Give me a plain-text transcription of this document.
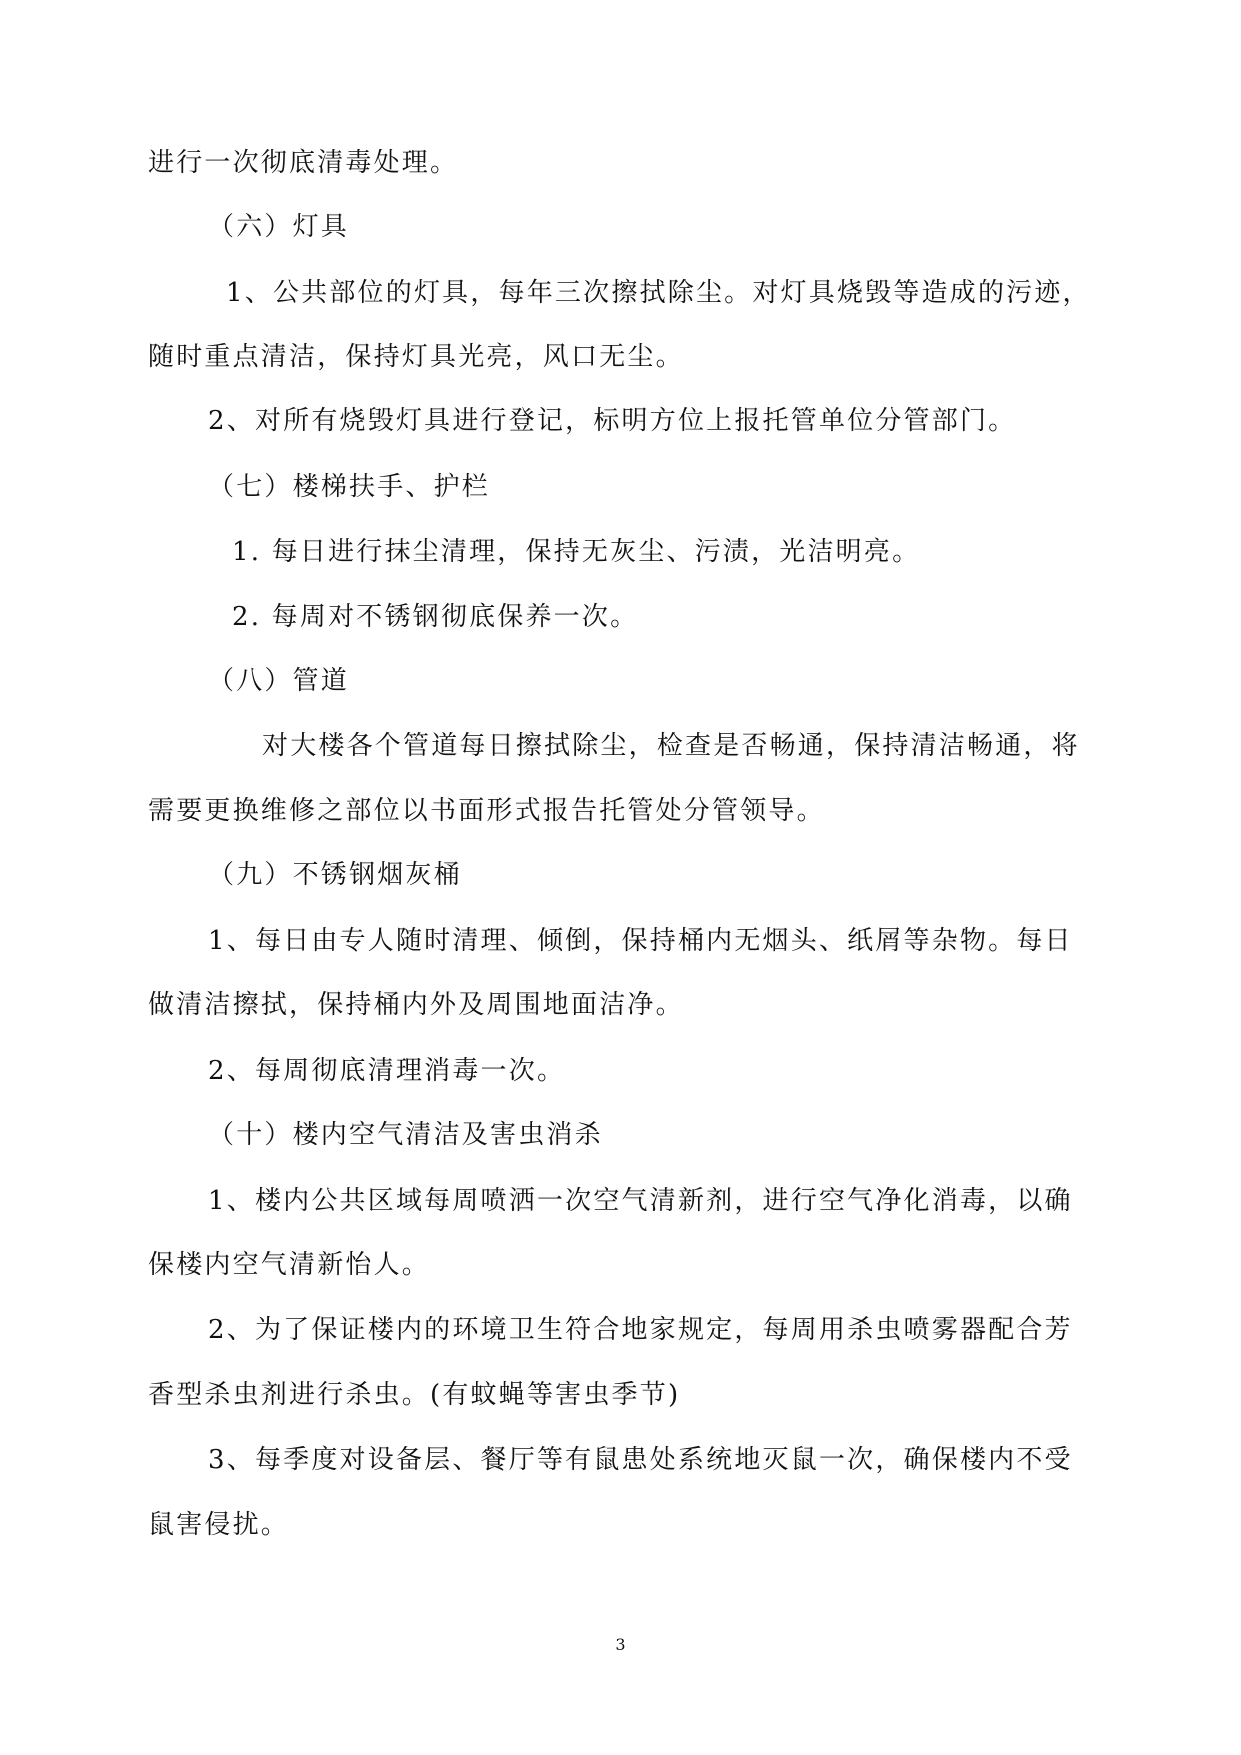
进行一次彻底清毒处理。
（六）灯具
1、公共部位的灯具，每年三次擦拭除尘。对灯具烧毁等造成的污迹，
随时重点清洁，保持灯具光亮，风口无尘。
2、对所有烧毁灯具进行登记，标明方位上报托管单位分管部门。
（七）楼梯扶手、护栏
1. 每日进行抹尘清理，保持无灰尘、污渍，光洁明亮。
2. 每周对不锈钢彻底保养一次。
（八）管道
对大楼各个管道每日擦拭除尘，检查是否畅通，保持清洁畅通，将
需要更换维修之部位以书面形式报告托管处分管领导。
（九）不锈钢烟灰桶
1、每日由专人随时清理、倾倒，保持桶内无烟头、纸屑等杂物。每日
做清洁擦拭，保持桶内外及周围地面洁净。
2、每周彻底清理消毒一次。
（十）楼内空气清洁及害虫消杀
1、楼内公共区域每周喷洒一次空气清新剂，进行空气净化消毒，以确
保楼内空气清新怡人。
2、为了保证楼内的环境卫生符合地家规定，每周用杀虫喷雾器配合芳
香型杀虫剂进行杀虫。(有蚊蝇等害虫季节)
3、每季度对设备层、餐厅等有鼠患处系统地灭鼠一次，确保楼内不受
鼠害侵扰。
3
